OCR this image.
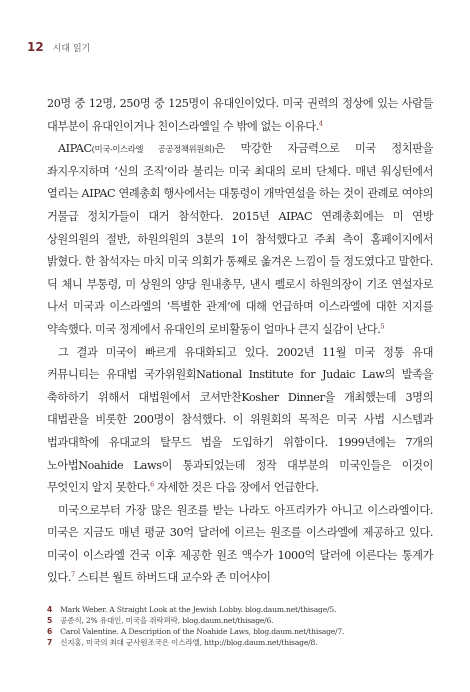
12 시대 읽기

20명 중 12명, 250명 중 125명이 유대인이었다. 미국 권력의 정상에 있는 사람들 대부분이 유대인이거나 친이스라엘일 수 밖에 없는 이유다.$^4$

AIPAC(미국-이스라엘 공공정책위원회)은 막강한 자금력으로 미국 정치판을 좌지우지하며 ‘신의 조직’이라 불리는 미국 최대의 로비 단체다. 매년 워싱턴에서 열리는 AIPAC 연례총회 행사에서는 대통령이 개막연설을 하는 것이 관례로 여야의 거물급 정치가들이 대거 참석한다. 2015년 AIPAC 연례총회에는 미 연방 상원의원의 절반, 하원의원의 3분의 1이 참석했다고 주최 측이 홈페이지에서 밝혔다. 한 참석자는 마치 미국 의회가 통째로 옮겨온 느낌이 들 정도였다고 말한다. 딕 체니 부통령, 미 상원의 양당 원내총무, 낸시 펠로시 하원의장이 기조 연설자로 나서 미국과 이스라엘의 ‘특별한 관계’에 대해 언급하며 이스라엘에 대한 지지를 약속했다. 미국 정계에서 유대인의 로비활동이 얼마나 큰지 실감이 난다.$^5$

그 결과 미국이 빠르게 유대화되고 있다. 2002년 11월 미국 정통 유대 커뮤니티는 유대법 국가위원회National Institute for Judaic Law의 발족을 축하하기 위해서 대법원에서 코셔만찬Kosher Dinner을 개최했는데 3명의 대법관을 비롯한 200명이 참석했다. 이 위원회의 목적은 미국 사법 시스템과 법과대학에 유대교의 탈무드 법을 도입하기 위함이다. 1999년에는 7개의 노아법Noahide Laws이 통과되었는데 정작 대부분의 미국인들은 이것이 무엇인지 알지 못한다.$^6$ 자세한 것은 다음 장에서 언급한다.

미국으로부터 가장 많은 원조를 받는 나라도 아프리카가 아니고 이스라엘이다. 미국은 지금도 매년 평균 30억 달러에 이르는 원조를 이스라엘에 제공하고 있다. 미국이 이스라엘 건국 이후 제공한 원조 액수가 1000억 달러에 이른다는 통계가 있다.$^7$ 스티븐 월트 하버드대 교수와 존 미어샤이

4 Mark Weber. A Straight Look at the Jewish Lobby. blog.daum.net/thisage/5.
5 공종식, 2% 유대인, 미국을 쥐락펴락, blog.daum.net/thisage/6.
6 Carol Valentine. A Description of the Noahide Laws, blog.daum.net/thisage/7.
7 신지홍, 미국의 최대 군사원조국은 이스라엘, http://blog.daum.net/thisage/8.
